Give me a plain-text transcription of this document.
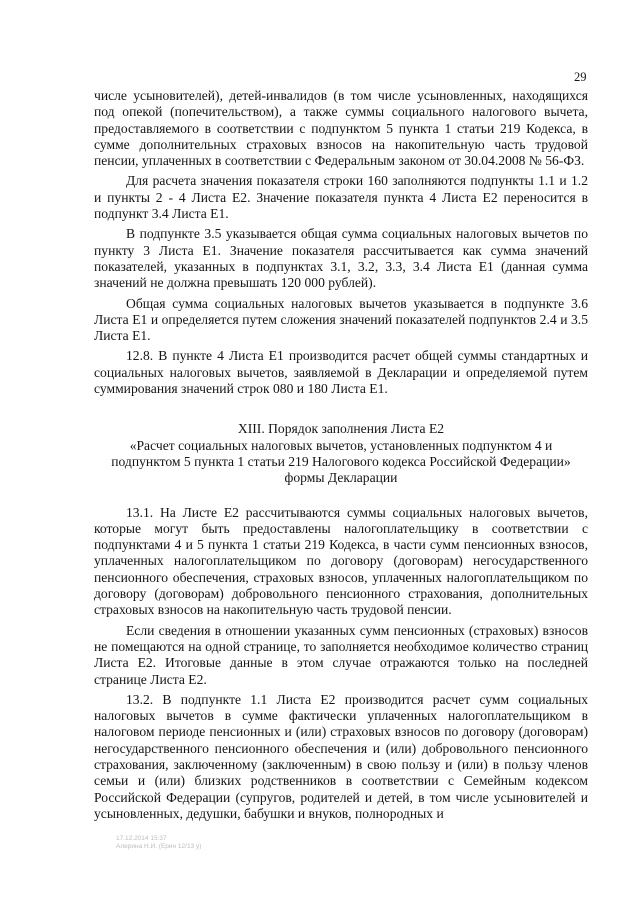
29

числе усыновителей), детей-инвалидов (в том числе усыновленных, находящихся под опекой (попечительством), а также суммы социального налогового вычета, предоставляемого в соответствии с подпунктом 5 пункта 1 статьи 219 Кодекса, в сумме дополнительных страховых взносов на накопительную часть трудовой пенсии, уплаченных в соответствии с Федеральным законом от 30.04.2008 № 56-ФЗ.

Для расчета значения показателя строки 160 заполняются подпункты 1.1 и 1.2 и пункты 2 - 4 Листа Е2. Значение показателя пункта 4 Листа Е2 переносится в подпункт 3.4 Листа Е1.

В подпункте 3.5 указывается общая сумма социальных налоговых вычетов по пункту 3 Листа Е1. Значение показателя рассчитывается как сумма значений показателей, указанных в подпунктах 3.1, 3.2, 3.3, 3.4 Листа Е1 (данная сумма значений не должна превышать 120 000 рублей).

Общая сумма социальных налоговых вычетов указывается в подпункте 3.6 Листа Е1 и определяется путем сложения значений показателей подпунктов 2.4 и 3.5 Листа Е1.

12.8. В пункте 4 Листа Е1 производится расчет общей суммы стандартных и социальных налоговых вычетов, заявляемой в Декларации и определяемой путем суммирования значений строк 080 и 180 Листа Е1.

XIII. Порядок заполнения Листа Е2
«Расчет социальных налоговых вычетов, установленных подпунктом 4 и
подпунктом 5 пункта 1 статьи 219 Налогового кодекса Российской Федерации»
формы Декларации

13.1. На Листе Е2 рассчитываются суммы социальных налоговых вычетов, которые могут быть предоставлены налогоплательщику в соответствии с подпунктами 4 и 5 пункта 1 статьи 219 Кодекса, в части сумм пенсионных взносов, уплаченных налогоплательщиком по договору (договорам) негосударственного пенсионного обеспечения, страховых взносов, уплаченных налогоплательщиком по договору (договорам) добровольного пенсионного страхования, дополнительных страховых взносов на накопительную часть трудовой пенсии.

Если сведения в отношении указанных сумм пенсионных (страховых) взносов не помещаются на одной странице, то заполняется необходимое количество страниц Листа Е2. Итоговые данные в этом случае отражаются только на последней странице Листа Е2.

13.2. В подпункте 1.1 Листа Е2 производится расчет сумм социальных налоговых вычетов в сумме фактически уплаченных налогоплательщиком в налоговом периоде пенсионных и (или) страховых взносов по договору (договорам) негосударственного пенсионного обеспечения и (или) добровольного пенсионного страхования, заключенному (заключенным) в свою пользу и (или) в пользу членов семьи и (или) близких родственников в соответствии с Семейным кодексом Российской Федерации (супругов, родителей и детей, в том числе усыновителей и усыновленных, дедушки, бабушки и внуков, полнородных и

17.12.2014 15:37
Алерина Н.И. (Ерин 12/13 у)
